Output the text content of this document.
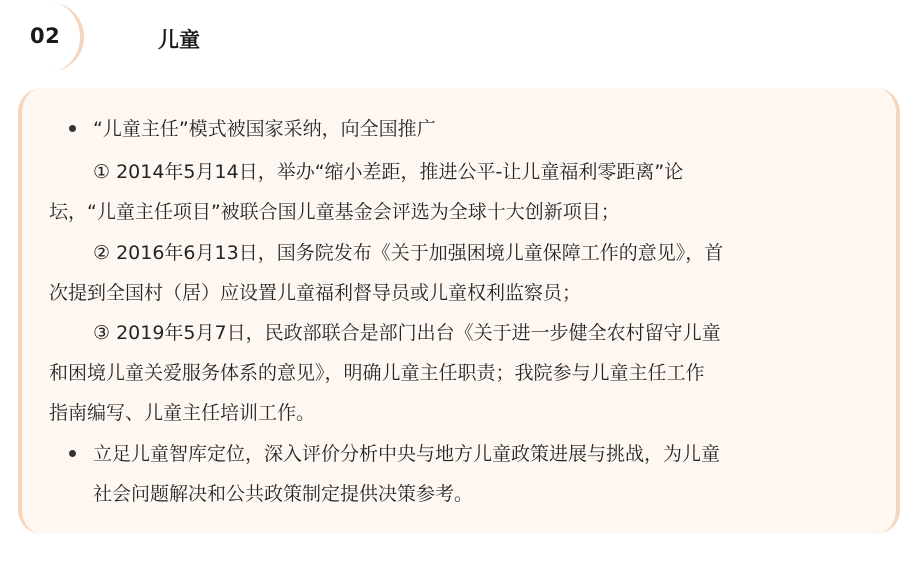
02	儿童
“儿童主任”模式被国家采纳，向全国推广
① 2014年5月14日，举办“缩小差距，推进公平-让儿童福利零距离”论
坛，“儿童主任项目”被联合国儿童基金会评选为全球十大创新项目；
② 2016年6月13日，国务院发布《关于加强困境儿童保障工作的意见》，首
次提到全国村（居）应设置儿童福利督导员或儿童权利监察员；
③ 2019年5月7日，民政部联合是部门出台《关于进一步健全农村留守儿童
和困境儿童关爱服务体系的意见》，明确儿童主任职责；我院参与儿童主任工作
指南编写、儿童主任培训工作。
立足儿童智库定位，深入评价分析中央与地方儿童政策进展与挑战，为儿童
社会问题解决和公共政策制定提供决策参考。
